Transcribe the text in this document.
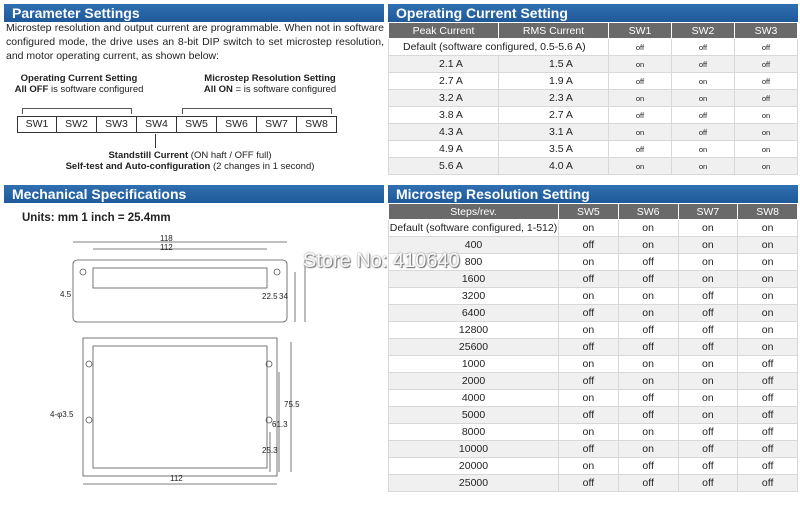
Parameter Settings
Microstep resolution and output current are programmable. When not in software configured mode, the drive uses an 8-bit DIP switch to set microstep resolution, and motor operating current, as shown below:
Operating Current Setting
All OFF is software configured
Microstep Resolution Setting
All ON = is software configured
SW1	SW2	SW3	SW4	SW5	SW6	SW7	SW8
Standstill Current (ON haft / OFF full)
Self-test and Auto-configuration (2 changes in 1 second)
Mechanical Specifications
Units: mm 1 inch = 25.4mm
118
112
4.5	22.5 34
4-φ3.5
75.5
61.3
25.3
112
Operating Current Setting
Peak Current	RMS Current	SW1	SW2	SW3
Default (software configured, 0.5-5.6 A)		off	off	off
2.1 A	1.5 A	on	off	off
2.7 A	1.9 A	off	on	off
3.2 A	2.3 A	on	on	off
3.8 A	2.7 A	off	off	on
4.3 A	3.1 A	on	off	on
4.9 A	3.5 A	off	on	on
5.6 A	4.0 A	on	on	on
Microstep Resolution Setting
Steps/rev.	SW5	SW6	SW7	SW8
Default (software configured, 1-512)	on	on	on	on
400	off	on	on	on
800	on	off	on	on
1600	off	off	on	on
3200	on	on	off	on
6400	off	on	off	on
12800	on	off	off	on
25600	off	off	off	on
1000	on	on	on	off
2000	off	on	on	off
4000	on	off	on	off
5000	off	off	on	off
8000	on	on	off	off
10000	off	on	off	off
20000	on	off	off	off
25000	off	off	off	off
Store No: 410640
